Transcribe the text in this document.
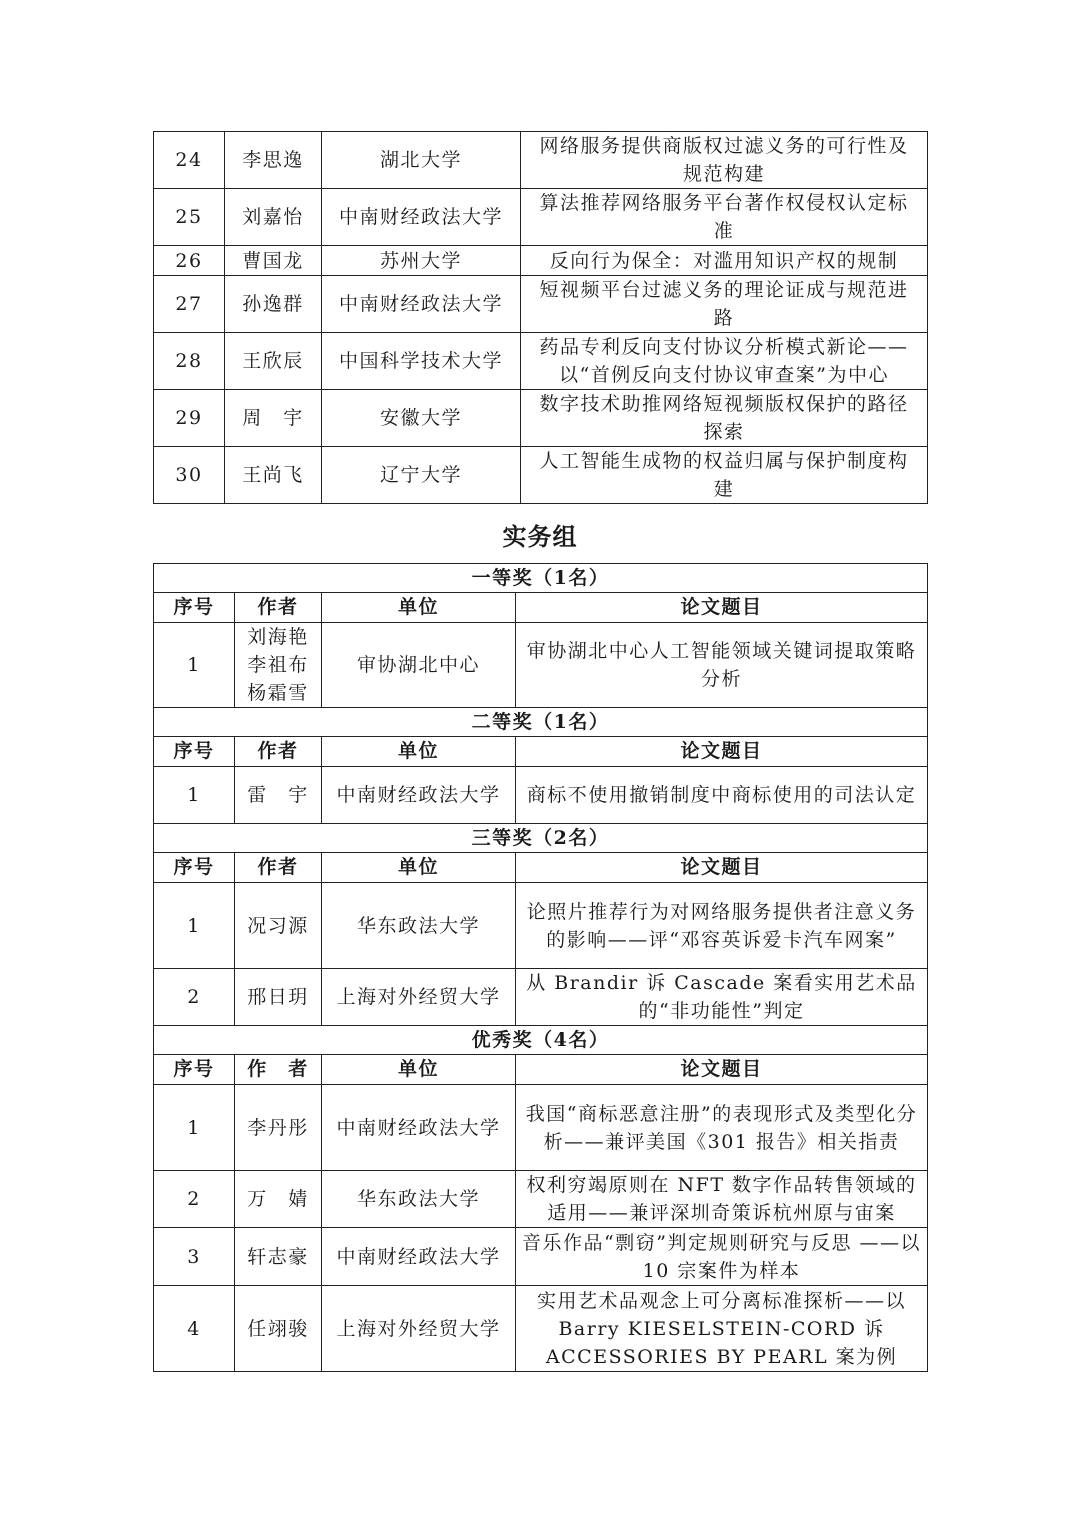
24	李思逸	湖北大学	网络服务提供商版权过滤义务的可行性及规范构建
25	刘嘉怡	中南财经政法大学	算法推荐网络服务平台著作权侵权认定标准
26	曹国龙	苏州大学	反向行为保全：对滥用知识产权的规制
27	孙逸群	中南财经政法大学	短视频平台过滤义务的理论证成与规范进路
28	王欣辰	中国科学技术大学	药品专利反向支付协议分析模式新论——以“首例反向支付协议审查案”为中心
29	周　宇	安徽大学	数字技术助推网络短视频版权保护的路径探索
30	王尚飞	辽宁大学	人工智能生成物的权益归属与保护制度构建
实务组
一等奖（1名）			
序号	作者	单位	论文题目
1	刘海艳
李祖布
杨霜雪	审协湖北中心	审协湖北中心人工智能领域关键词提取策略分析
二等奖（1名）			
序号	作者	单位	论文题目
1	雷　宇	中南财经政法大学	商标不使用撤销制度中商标使用的司法认定
三等奖（2名）			
序号	作者	单位	论文题目
1	况习源	华东政法大学	论照片推荐行为对网络服务提供者注意义务的影响——评“邓容英诉爱卡汽车网案”
2	邢日玥	上海对外经贸大学	从 Brandir 诉 Cascade 案看实用艺术品的“非功能性”判定
优秀奖（4名）			
序号	作　者	单位	论文题目
1	李丹彤	中南财经政法大学	我国“商标恶意注册”的表现形式及类型化分析——兼评美国《301 报告》相关指责
2	万　婧	华东政法大学	权利穷竭原则在 NFT 数字作品转售领域的适用——兼评深圳奇策诉杭州原与宙案
3	轩志豪	中南财经政法大学	音乐作品“剽窃”判定规则研究与反思 ——以 10 宗案件为样本
4	任翊骏	上海对外经贸大学	实用艺术品观念上可分离标准探析——以 Barry KIESELSTEIN-CORD 诉 ACCESSORIES BY PEARL 案为例
